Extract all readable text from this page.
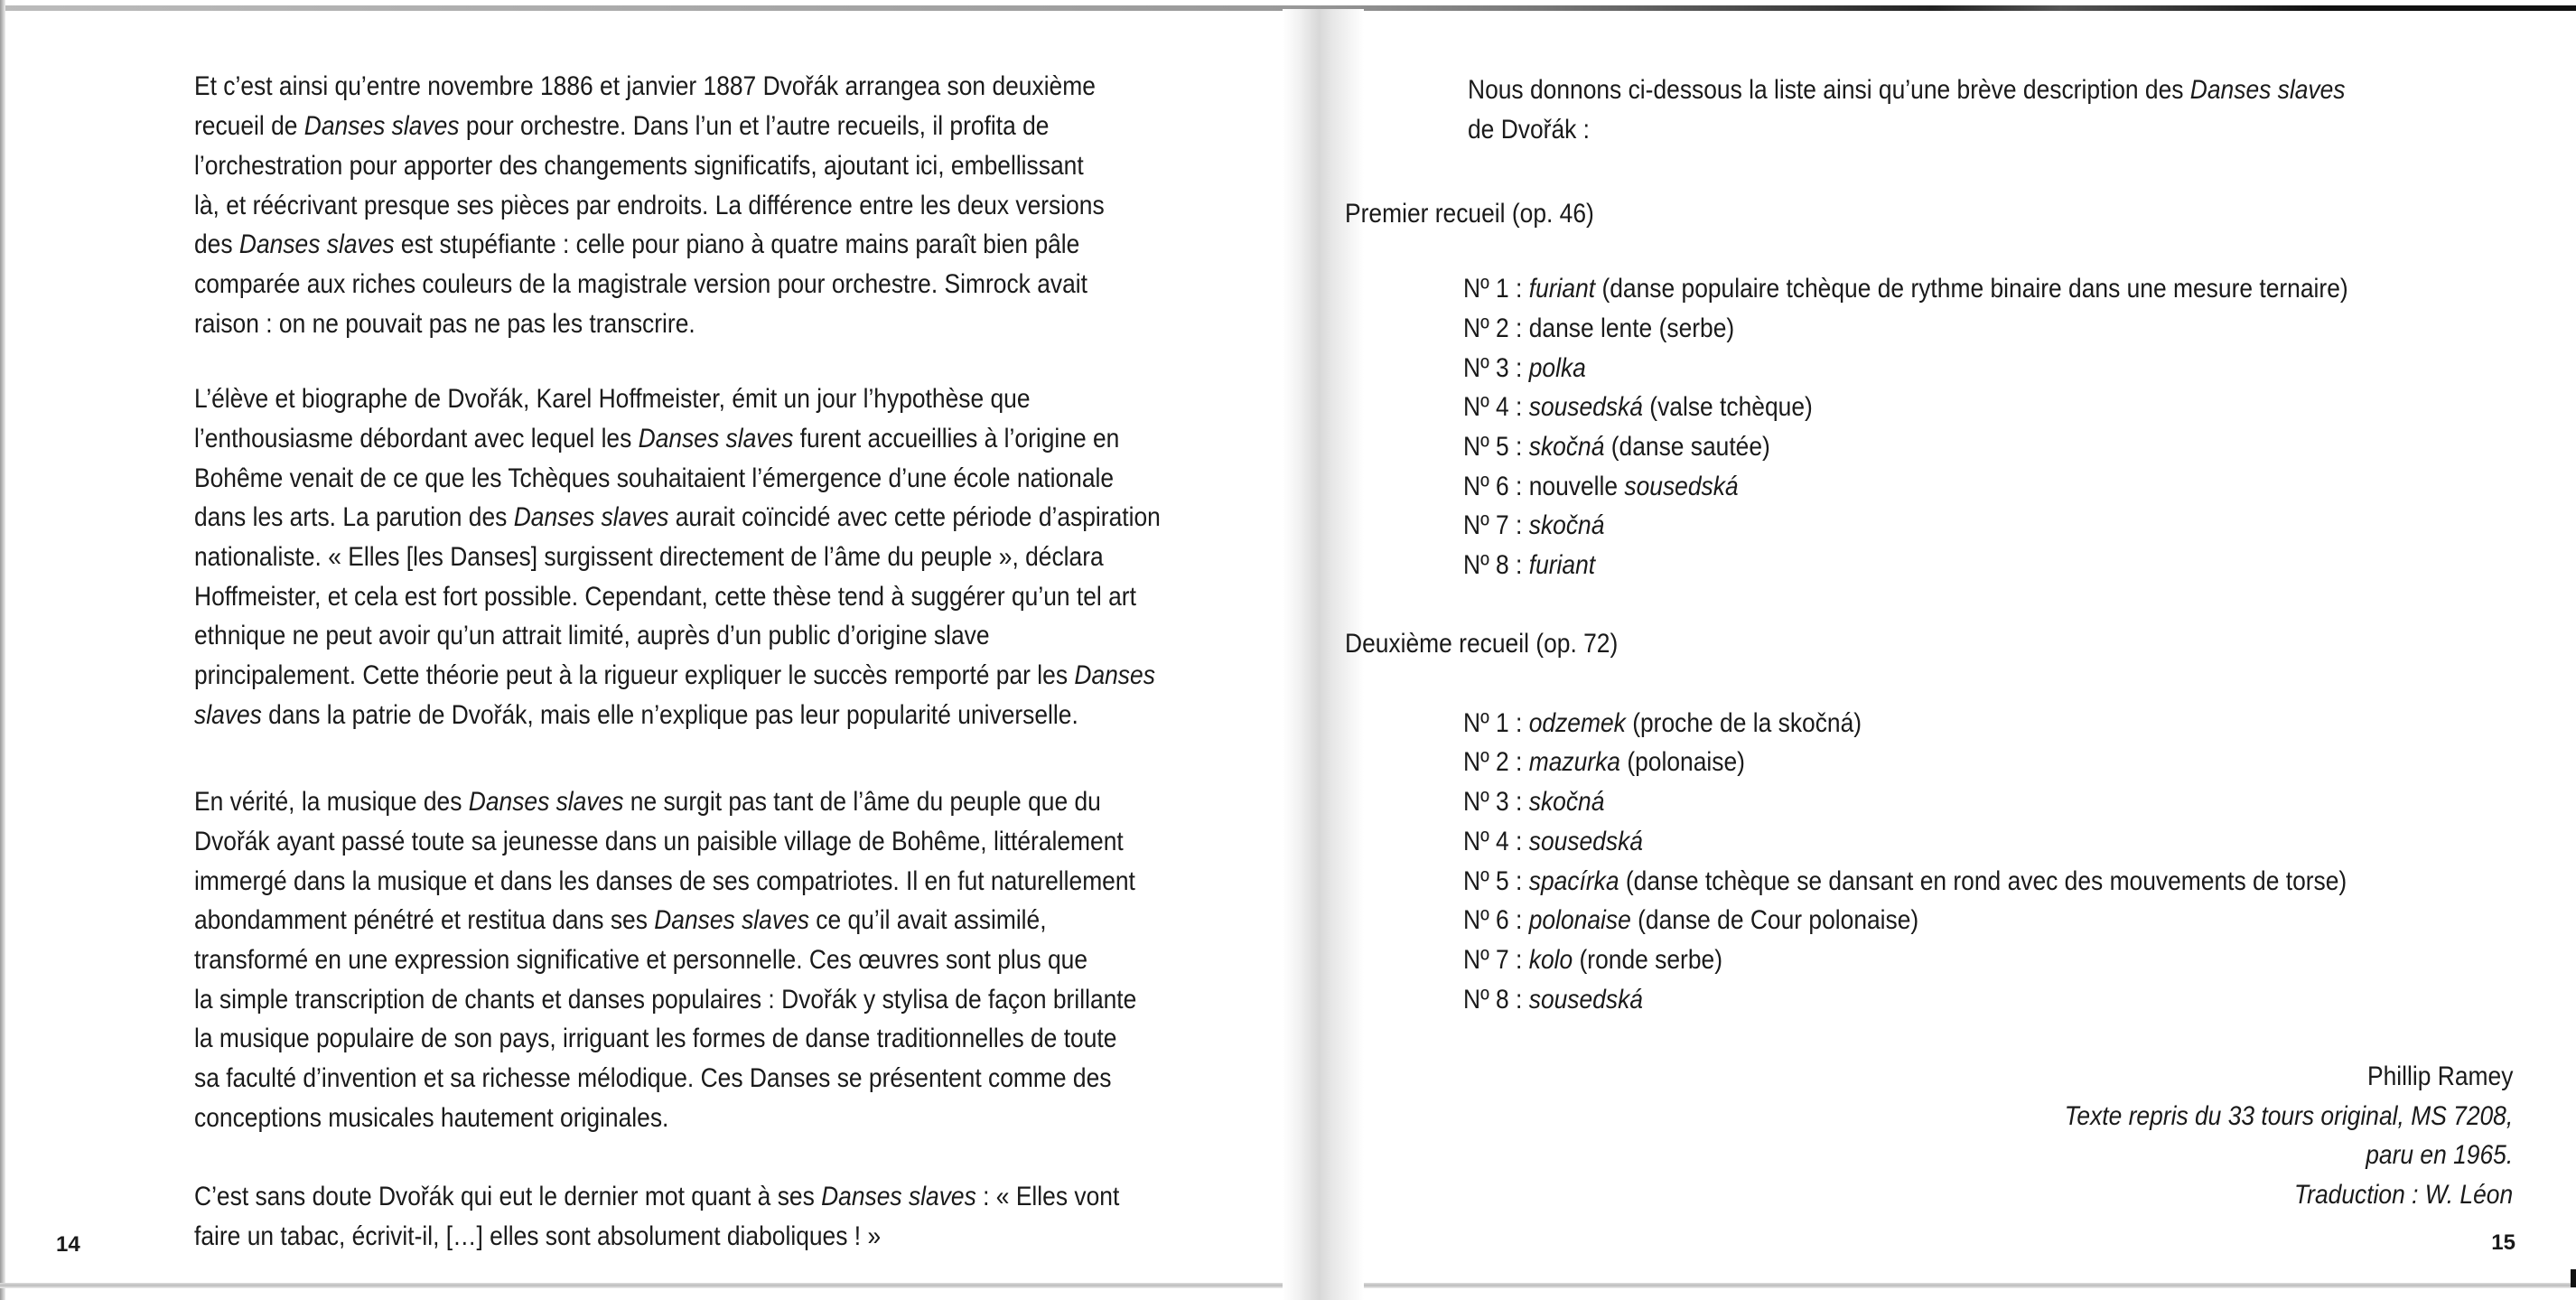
Et c’est ainsi qu’entre novembre 1886 et janvier 1887 Dvořák arrangea son deuxième
recueil de Danses slaves pour orchestre. Dans l’un et l’autre recueils, il profita de
l’orchestration pour apporter des changements significatifs, ajoutant ici, embellissant
là, et réécrivant presque ses pièces par endroits. La différence entre les deux versions
des Danses slaves est stupéfiante : celle pour piano à quatre mains paraît bien pâle
comparée aux riches couleurs de la magistrale version pour orchestre. Simrock avait
raison : on ne pouvait pas ne pas les transcrire.
L’élève et biographe de Dvořák, Karel Hoffmeister, émit un jour l’hypothèse que
l’enthousiasme débordant avec lequel les Danses slaves furent accueillies à l’origine en
Bohême venait de ce que les Tchèques souhaitaient l’émergence d’une école nationale
dans les arts. La parution des Danses slaves aurait coïncidé avec cette période d’aspiration
nationaliste. « Elles [les Danses] surgissent directement de l’âme du peuple », déclara
Hoffmeister, et cela est fort possible. Cependant, cette thèse tend à suggérer qu’un tel art
ethnique ne peut avoir qu’un attrait limité, auprès d’un public d’origine slave
principalement. Cette théorie peut à la rigueur expliquer le succès remporté par les Danses
slaves dans la patrie de Dvořák, mais elle n’explique pas leur popularité universelle.
En vérité, la musique des Danses slaves ne surgit pas tant de l’âme du peuple que du
Dvořák ayant passé toute sa jeunesse dans un paisible village de Bohême, littéralement
immergé dans la musique et dans les danses de ses compatriotes. Il en fut naturellement
abondamment pénétré et restitua dans ses Danses slaves ce qu’il avait assimilé,
transformé en une expression significative et personnelle. Ces œuvres sont plus que
la simple transcription de chants et danses populaires : Dvořák y stylisa de façon brillante
la musique populaire de son pays, irriguant les formes de danse traditionnelles de toute
sa faculté d’invention et sa richesse mélodique. Ces Danses se présentent comme des
conceptions musicales hautement originales.
C’est sans doute Dvořák qui eut le dernier mot quant à ses Danses slaves : « Elles vont
faire un tabac, écrivit-il, […] elles sont absolument diaboliques ! »
Nous donnons ci-dessous la liste ainsi qu’une brève description des Danses slaves
de Dvořák :
Premier recueil (op. 46)
Nº 1 : furiant (danse populaire tchèque de rythme binaire dans une mesure ternaire)
Nº 2 : danse lente (serbe)
Nº 3 : polka
Nº 4 : sousedská (valse tchèque)
Nº 5 : skočná (danse sautée)
Nº 6 : nouvelle sousedská
Nº 7 : skočná
Nº 8 : furiant
Deuxième recueil (op. 72)
Nº 1 : odzemek (proche de la skočná)
Nº 2 : mazurka (polonaise)
Nº 3 : skočná
Nº 4 : sousedská
Nº 5 : spacírka (danse tchèque se dansant en rond avec des mouvements de torse)
Nº 6 : polonaise (danse de Cour polonaise)
Nº 7 : kolo (ronde serbe)
Nº 8 : sousedská
Phillip Ramey
Texte repris du 33 tours original, MS 7208,
paru en 1965.
Traduction : W. Léon
14	15
